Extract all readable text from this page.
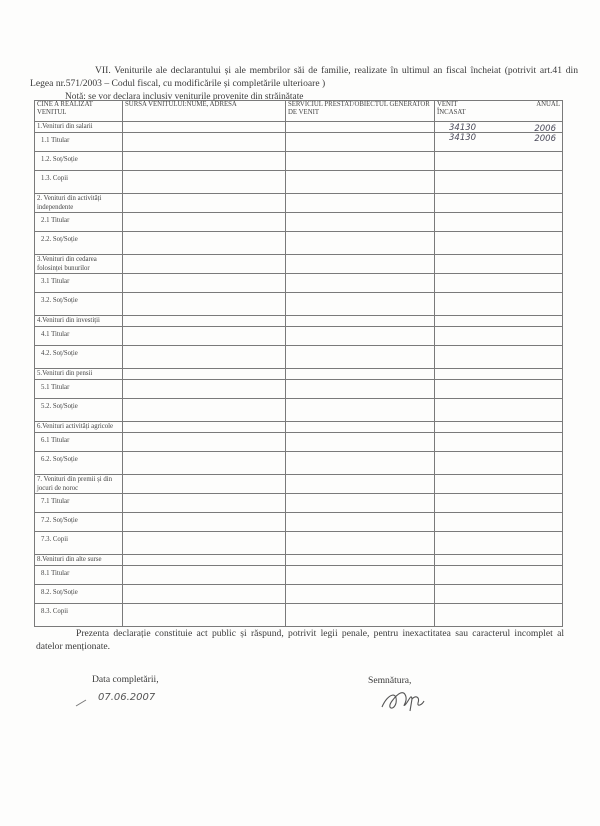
VII. Veniturile ale declarantului și ale membrilor săi de familie, realizate în ultimul an fiscal încheiat (potrivit art.41 din Legea nr.571/2003 – Codul fiscal, cu modificările și completările ulterioare )
Notă: se vor declara inclusiv veniturile provenite din străinătate
CINE A REALIZAT VENITUL	SURSA VENITULUI:NUME, ADRESA	SERVICIUL PRESTAT/OBIECTUL GENERATOR DE VENIT	VENIT ANUAL
ÎNCASAT
1.Venituri din salarii			34130 2006

1.1 Titular			34130 2006

1.2. Soț/Soție			
1.3. Copii			
2. Venituri din activități independente			
2.1 Titular			
2.2. Soț/Soție			
3.Venituri din cedarea folosinței bunurilor			
3.1 Titular			
3.2. Soț/Soție			
4.Venituri din investiții			
4.1 Titular			
4.2. Soț/Soție			
5.Venituri din pensii			
5.1 Titular			
5.2. Soț/Soție			
6.Venituri activități agricole			
6.1 Titular			
6.2. Soț/Soție			
7. Venituri din premii și din jocuri de noroc			
7.1 Titular			
7.2. Soț/Soție			
7.3. Copii			
8.Venituri din alte surse			
8.1 Titular			
8.2. Soț/Soție			
8.3. Copii			
Prezenta declarație constituie act public și răspund, potrivit legii penale, pentru inexactitatea sau caracterul incomplet al datelor menționate.
Data completării,
07.06.2007
Semnătura,
